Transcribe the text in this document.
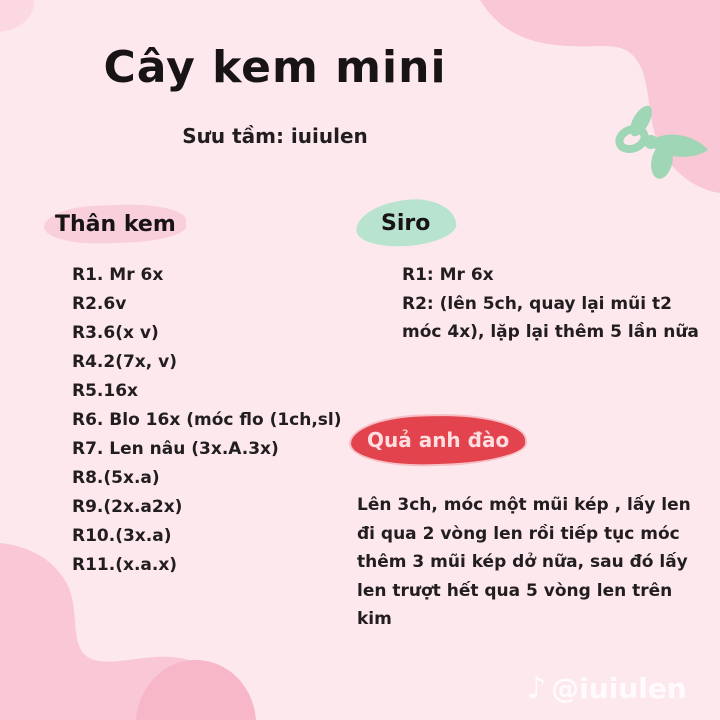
Cây kem mini
Sưu tầm: iuiulen
Thân kem
R1. Mr 6x
R2.6v
R3.6(x v)
R4.2(7x, v)
R5.16x
R6. Blo 16x (móc flo (1ch,sl)
R7. Len nâu (3x.A.3x)
R8.(5x.a)
R9.(2x.a2x)
R10.(3x.a)
R11.(x.a.x)
Siro
R1: Mr 6x
R2: (lên 5ch, quay lại mũi t2 móc 4x), lặp lại thêm 5 lần nữa
Quả anh đào
Lên 3ch, móc một mũi kép , lấy len đi qua 2 vòng len rồi tiếp tục móc thêm 3 mũi kép dở nữa, sau đó lấy len trượt hết qua 5 vòng len trên kim
♪ @iuiulen
